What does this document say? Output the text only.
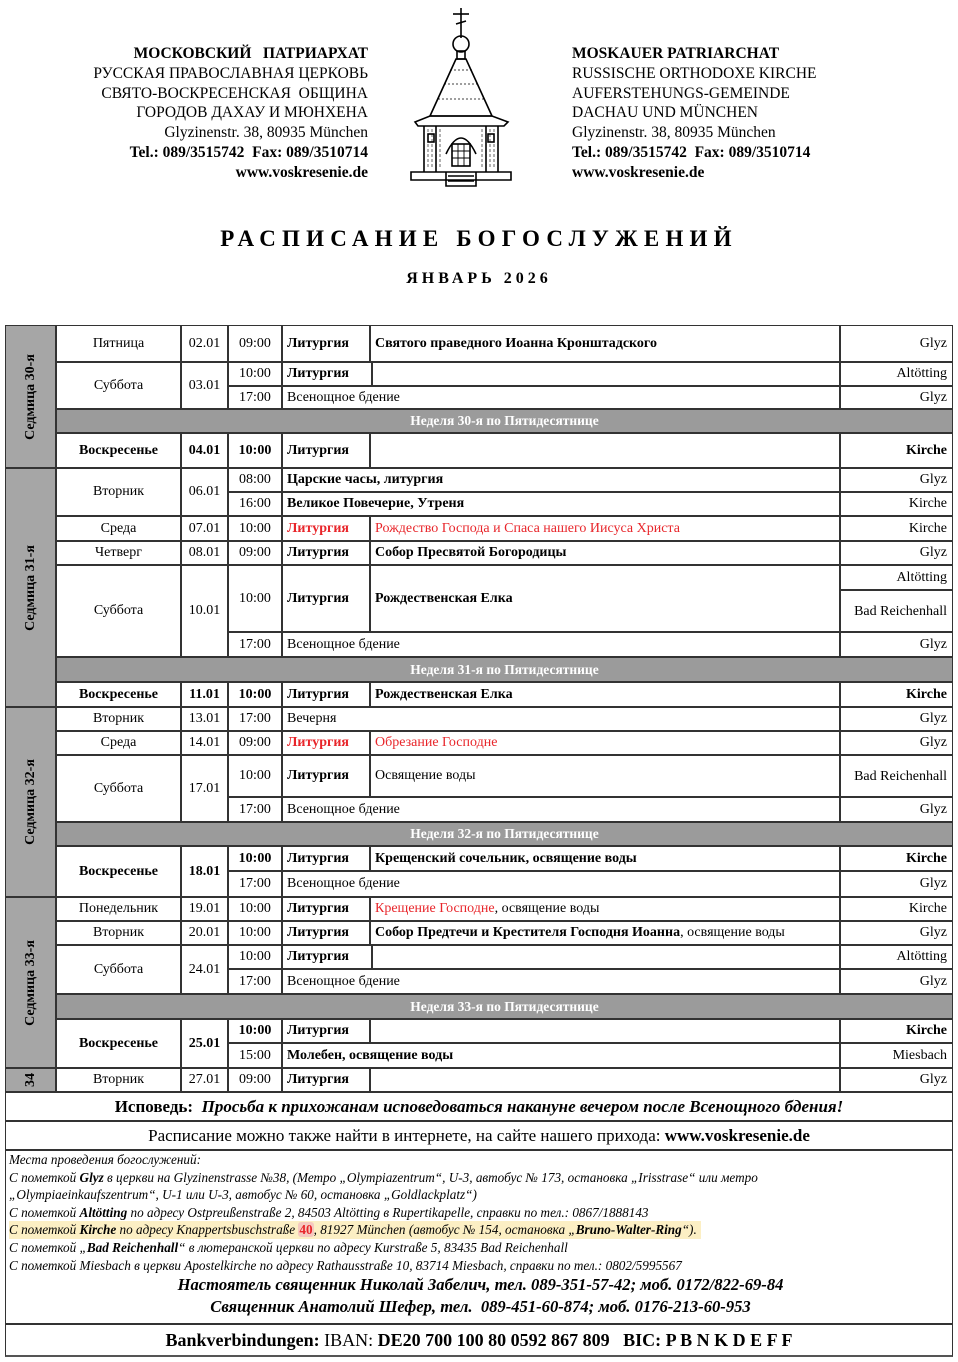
МОСКОВСКИЙ   ПАТРИАРХАТ
РУССКАЯ ПРАВОСЛАВНАЯ ЦЕРКОВЬ
СВЯТО-ВОСКРЕСЕНСКАЯ  ОБЩИНА
ГОРОДОВ ДАХАУ И МЮНХЕНА
Glyzinenstr. 38, 80935 München
Tel.: 089/3515742  Fax: 089/3510714
www.voskresenie.de
MOSKAUER PATRIARCHAT
RUSSISCHE ORTHODOXE KIRCHE
AUFERSTEHUNGS-GEMEINDE
DACHAU UND MÜNCHEN
Glyzinenstr. 38, 80935 München
Tel.: 089/3515742  Fax: 089/3510714
www.voskresenie.de
РАСПИСАНИЕ БОГОСЛУЖЕНИЙ
ЯНВАРЬ 2026
Седмица 30-я
Седмица 31-я
Седмица 32-я
Седмица 33-я
34
Пятница	02.01	09:00	Литургия	Святого праведного Иоанна Кронштадского	Glyz
Суббота	03.01
10:00	Литургия	Altötting
17:00	Всенощное бдение	Glyz
Неделя 30-я по Пятидесятнице
Воскресенье	04.01	10:00	Литургия	Kirche
Вторник	06.01
08:00	Царские часы, литургия	Glyz
16:00	Великое Повечерие, Утреня	Kirche
Среда	07.01	10:00	Литургия	Рождество Господа и Спаса нашего Иисуса Христа	Kirche
Четверг	08.01	09:00	Литургия	Собор Пресвятой Богородицы	Glyz
Суббота	10.01
10:00	Литургия	Рождественская Елка
Altötting
Bad Reichenhall
17:00	Всенощное бдение	Glyz
Неделя 31-я по Пятидесятнице
Воскресенье	11.01	10:00	Литургия	Рождественская Елка	Kirche
Вторник	13.01	17:00	Вечерня	Glyz
Среда	14.01	09:00	Литургия	Обрезание Господне	Glyz
Суббота	17.01
10:00	Литургия	Освящение воды	Bad Reichenhall
17:00	Всенощное бдение	Glyz
Неделя 32-я по Пятидесятнице
Воскресенье	18.01
10:00	Литургия	Крещенский сочельник, освящение воды	Kirche
17:00	Всенощное бдение	Glyz
Понедельник	19.01	10:00	Литургия	Крещение Господне , освящение воды	Kirche
Вторник	20.01	10:00	Литургия	Собор Предтечи и Крестителя Господня Иоанна , освящение воды	Glyz
Суббота	24.01
10:00	Литургия	Altötting
17:00	Всенощное бдение	Glyz
Неделя 33-я по Пятидесятнице
Воскресенье	25.01
10:00	Литургия	Kirche
15:00	Молебен, освящение воды	Miesbach
Вторник	27.01	09:00	Литургия	Glyz
Исповедь: Просьба к прихожанам исповедоваться накануне вечером после Всенощного бдения!
Расписание можно также найти в интернете, на сайте нашего прихода: www.voskresenie.de
Места проведения богослужений:
С пометкой Glyz в церкви на Glyzinenstrasse №38, (Метро „Olympiazentrum“, U-3, автобус № 173, остановка „Irisstrase“ или метро
„Olympiaeinkaufszentrum“, U-1 или U-3, автобус № 60, остановка „Goldlackplatz“)
С пометкой Altötting по адресу Ostpreußenstraße 2, 84503 Altötting в Rupertikapelle, справки по тел.: 0867/1888143
С пометкой Kirche по адресу Knappertsbuschstraße 40, 81927 München (автобус № 154, остановка „Bruno-Walter-Ring“).
С пометкой „Bad Reichenhall“ в лютеранской церкви по адресу Kurstraße 5, 83435 Bad Reichenhall
С пометкой Miesbach в церкви Apostelkirche по адресу Rathausstraße 10, 83714 Miesbach, справки по тел.: 0802/5995567
Настоятель священник Николай Забелич, тел. 089-351-57-42; моб. 0172/822-69-84
Священник Анатолий Шефер, тел.  089-451-60-874; моб. 0176-213-60-953
Bankverbindungen: IBAN: DE20 700 100 80 0592 867 809   BIC: P B N K D E F F
